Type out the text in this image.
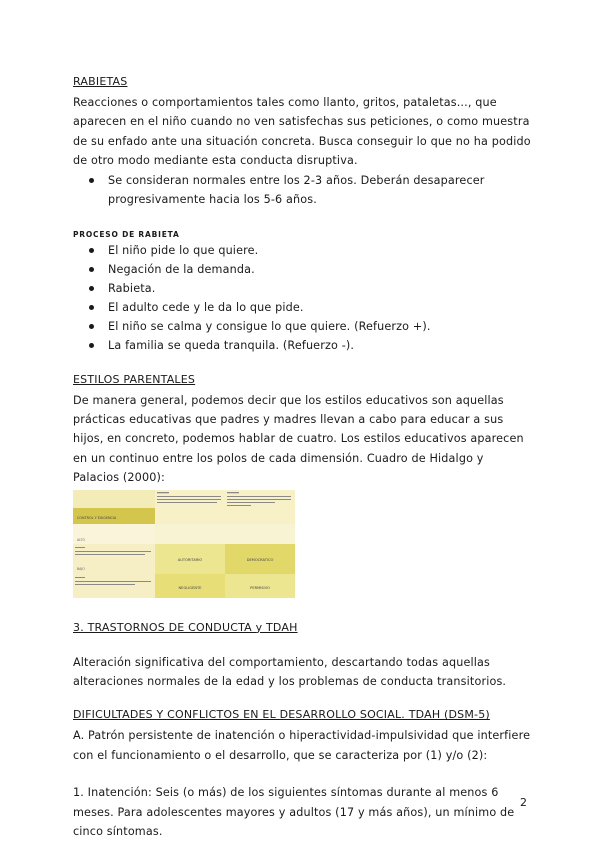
RABIETAS

Reacciones o comportamientos tales como llanto, gritos, pataletas..., que aparecen en el niño cuando no ven satisfechas sus peticiones, o como muestra de su enfado ante una situación concreta. Busca conseguir lo que no ha podido de otro modo mediante esta conducta disruptiva.

Se consideran normales entre los 2-3 años. Deberán desaparecer progresivamente hacia los 5-6 años.
PROCESO DE RABIETA
El niño pide lo que quiere.
Negación de la demanda.
Rabieta.
El adulto cede y le da lo que pide.
El niño se calma y consigue lo que quiere. (Refuerzo +).
La familia se queda tranquila. (Refuerzo -).
ESTILOS PARENTALES

De manera general, podemos decir que los estilos educativos son aquellas prácticas educativas que padres y madres llevan a cabo para educar a sus hijos, en concreto, podemos hablar de cuatro. Los estilos educativos aparecen en un continuo entre los polos de cada dimensión. Cuadro de Hidalgo y Palacios (2000):

CONTROL Y EXIGENCIA
ALTO
BAJO
AUTORITARIO	DEMOCRATICO
NEGLIGENTE	PERMISIVO
3. TRASTORNOS DE CONDUCTA y TDAH

Alteración significativa del comportamiento, descartando todas aquellas alteraciones normales de la edad y los problemas de conducta transitorios.

DIFICULTADES Y CONFLICTOS EN EL DESARROLLO SOCIAL. TDAH (DSM-5)

A. Patrón persistente de inatención o hiperactividad-impulsividad que interfiere con el funcionamiento o el desarrollo, que se caracteriza por (1) y/o (2):

1. Inatención: Seis (o más) de los siguientes síntomas durante al menos 6 meses. Para adolescentes mayores y adultos (17 y más años), un mínimo de cinco síntomas.

2
